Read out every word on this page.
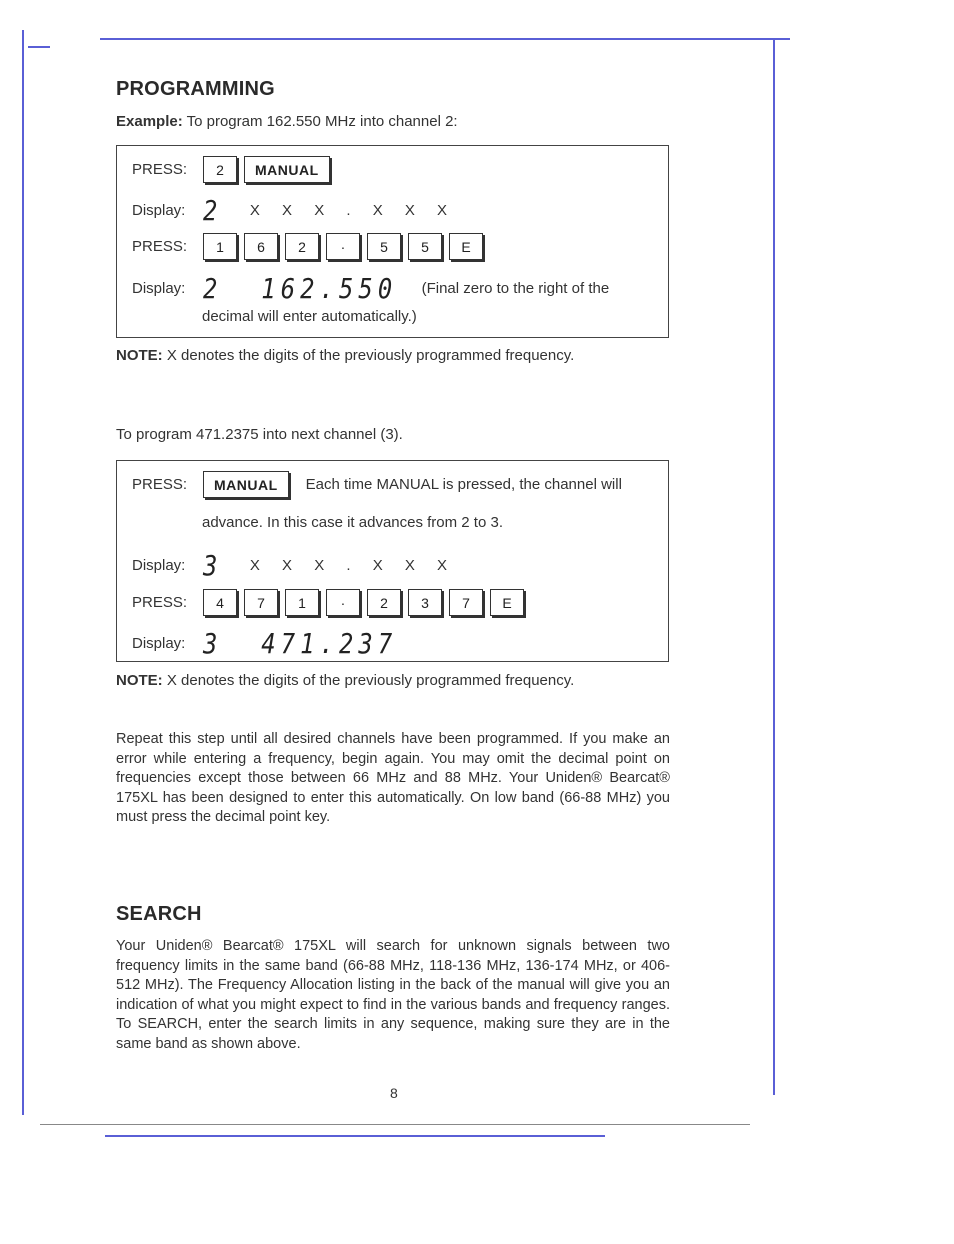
PROGRAMMING
Example: To program 162.550 MHz into channel 2:
PRESS:	2	MANUAL
Display: 2 X X X . X X X
PRESS:	1	6	2	·	5	5	E
Display: 2  162.550 (Final zero to the right of the
decimal will enter automatically.)
NOTE: X denotes the digits of the previously programmed frequency.
To program 471.2375 into next channel (3).
PRESS:	MANUAL	Each time MANUAL is pressed, the channel will
advance. In this case it advances from 2 to 3.
Display: 3 X X X . X X X
PRESS:	4	7	1	·	2	3	7	E
Display: 3  471.237
NOTE: X denotes the digits of the previously programmed frequency.
Repeat this step until all desired channels have been programmed. If you make an error while entering a frequency, begin again. You may omit the decimal point on frequencies except those between 66 MHz and 88 MHz. Your Uniden® Bearcat® 175XL has been designed to enter this automatically. On low band (66-88 MHz) you must press the decimal point key.
SEARCH
Your Uniden® Bearcat® 175XL will search for unknown signals between two frequency limits in the same band (66-88 MHz, 118-136 MHz, 136-174 MHz, or 406-512 MHz). The Frequency Allocation listing in the back of the manual will give you an indication of what you might expect to find in the various bands and frequency ranges. To SEARCH, enter the search limits in any sequence, making sure they are in the same band as shown above.
8
